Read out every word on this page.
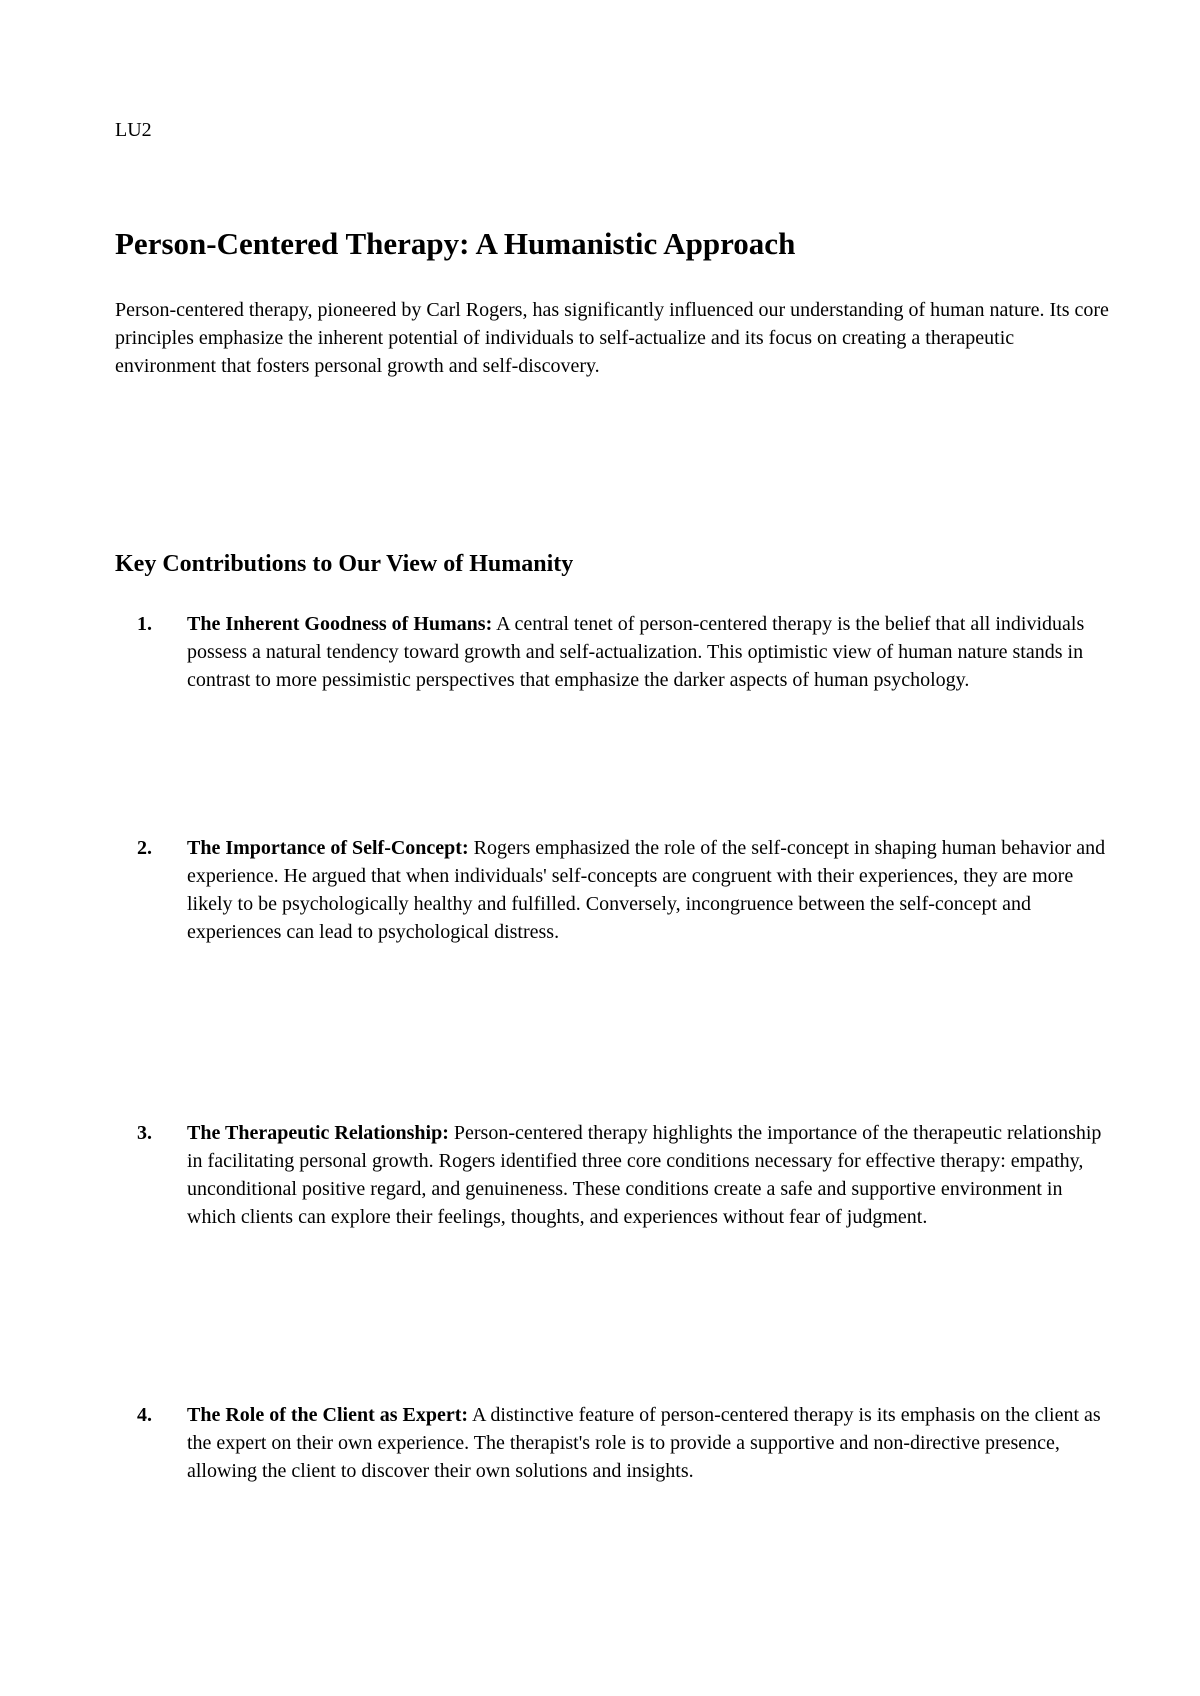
LU2
Person-Centered Therapy: A Humanistic Approach

Person-centered therapy, pioneered by Carl Rogers, has significantly influenced our understanding of human nature. Its core principles emphasize the inherent potential of individuals to self-actualize and its focus on creating a therapeutic environment that fosters personal growth and self-discovery.

Key Contributions to Our View of Humanity
1. The Inherent Goodness of Humans: A central tenet of person-centered therapy is the belief that all individuals possess a natural tendency toward growth and self-actualization. This optimistic view of human nature stands in contrast to more pessimistic perspectives that emphasize the darker aspects of human psychology.
2. The Importance of Self-Concept: Rogers emphasized the role of the self-concept in shaping human behavior and experience. He argued that when individuals' self-concepts are congruent with their experiences, they are more likely to be psychologically healthy and fulfilled. Conversely, incongruence between the self-concept and experiences can lead to psychological distress.
3. The Therapeutic Relationship: Person-centered therapy highlights the importance of the therapeutic relationship in facilitating personal growth. Rogers identified three core conditions necessary for effective therapy: empathy, unconditional positive regard, and genuineness. These conditions create a safe and supportive environment in which clients can explore their feelings, thoughts, and experiences without fear of judgment.
4. The Role of the Client as Expert: A distinctive feature of person-centered therapy is its emphasis on the client as the expert on their own experience. The therapist's role is to provide a supportive and non-directive presence, allowing the client to discover their own solutions and insights.
